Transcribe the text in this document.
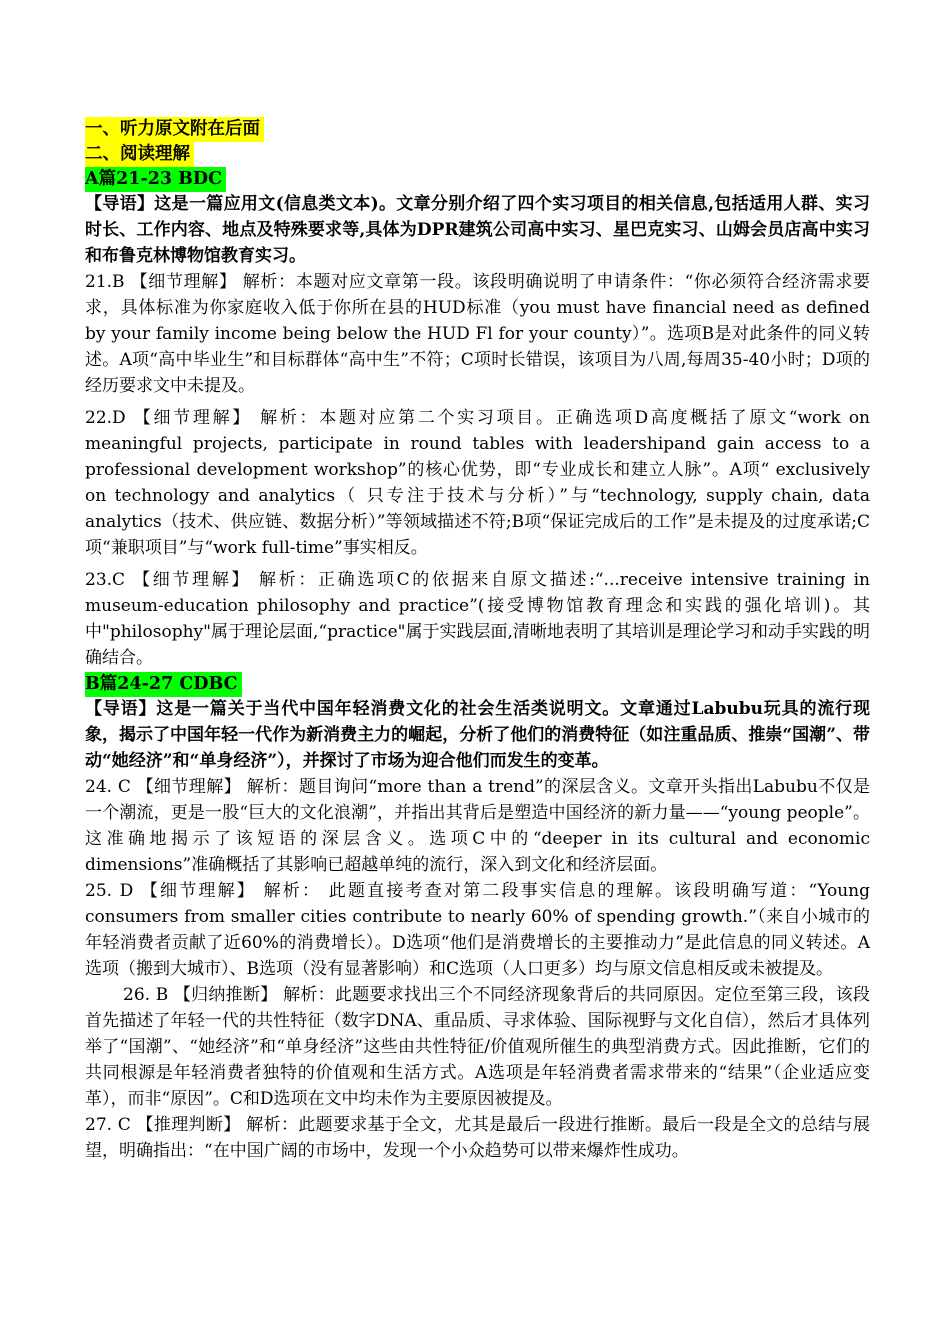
一、听力原文附在后面
二、阅读理解
A篇21-23 BDC

【导语】这是一篇应用文(信息类文本)。文章分别介绍了四个实习项目的相关信息,包括适用人群、实习时长、工作内容、地点及特殊要求等,具体为DPR建筑公司高中实习、星巴克实习、山姆会员店高中实习和布鲁克林博物馆教育实习。

21.B 【细节理解】 解析：本题对应文章第一段。该段明确说明了申请条件：“你必须符合经济需求要求，具体标准为你家庭收入低于你所在县的HUD标准（you must have financial need as defined by your family income being below the HUD Fl for your county）”。选项B是对此条件的同义转述。A项“高中毕业生”和目标群体“高中生”不符；C项时长错误，该项目为八周,每周35-40小时；D项的经历要求文中未提及。

22.D 【细节理解】 解析：本题对应第二个实习项目。正确选项D高度概括了原文“work on meaningful projects, participate in round tables with leadershipand gain access to a professional development workshop”的核心优势，即“专业成长和建立人脉”。A项“ exclusively on technology and analytics（ 只专注于技术与分析）”与“technology, supply chain, data analytics（技术、供应链、数据分析）”等领域描述不符;B项“保证完成后的工作”是未提及的过度承诺;C项“兼职项目”与“work full-time”事实相反。

23.C 【细节理解】 解析：正确选项C的依据来自原文描述:“...receive intensive training in museum-education philosophy and practice”(接受博物馆教育理念和实践的强化培训)。其中"philosophy"属于理论层面,“practice"属于实践层面,清晰地表明了其培训是理论学习和动手实践的明确结合。

B篇24-27 CDBC

【导语】这是一篇关于当代中国年轻消费文化的社会生活类说明文。文章通过Labubu玩具的流行现象，揭示了中国年轻一代作为新消费主力的崛起，分析了他们的消费特征（如注重品质、推崇“国潮”、带动“她经济”和“单身经济”），并探讨了市场为迎合他们而发生的变革。

24. C 【细节理解】 解析：题目询问“more than a trend”的深层含义。文章开头指出Labubu不仅是一个潮流，更是一股“巨大的文化浪潮”，并指出其背后是塑造中国经济的新力量——“young people”。这准确地揭示了该短语的深层含义。选项C中的“deeper in its cultural and economic dimensions”准确概括了其影响已超越单纯的流行，深入到文化和经济层面。

25. D 【细节理解】 解析： 此题直接考查对第二段事实信息的理解。该段明确写道：“Young consumers from smaller cities contribute to nearly 60% of spending growth.”（来自小城市的年轻消费者贡献了近60%的消费增长）。D选项“他们是消费增长的主要推动力”是此信息的同义转述。A选项（搬到大城市）、B选项（没有显著影响）和C选项（人口更多）均与原文信息相反或未被提及。

26. B 【归纳推断】 解析：此题要求找出三个不同经济现象背后的共同原因。定位至第三段，该段首先描述了年轻一代的共性特征（数字DNA、重品质、寻求体验、国际视野与文化自信），然后才具体列举了“国潮”、“她经济”和“单身经济”这些由共性特征/价值观所催生的典型消费方式。因此推断，它们的共同根源是年轻消费者独特的价值观和生活方式。A选项是年轻消费者需求带来的“结果”（企业适应变革），而非“原因”。C和D选项在文中均未作为主要原因被提及。

27. C 【推理判断】 解析：此题要求基于全文，尤其是最后一段进行推断。最后一段是全文的总结与展望，明确指出：“在中国广阔的市场中，发现一个小众趋势可以带来爆炸性成功。
